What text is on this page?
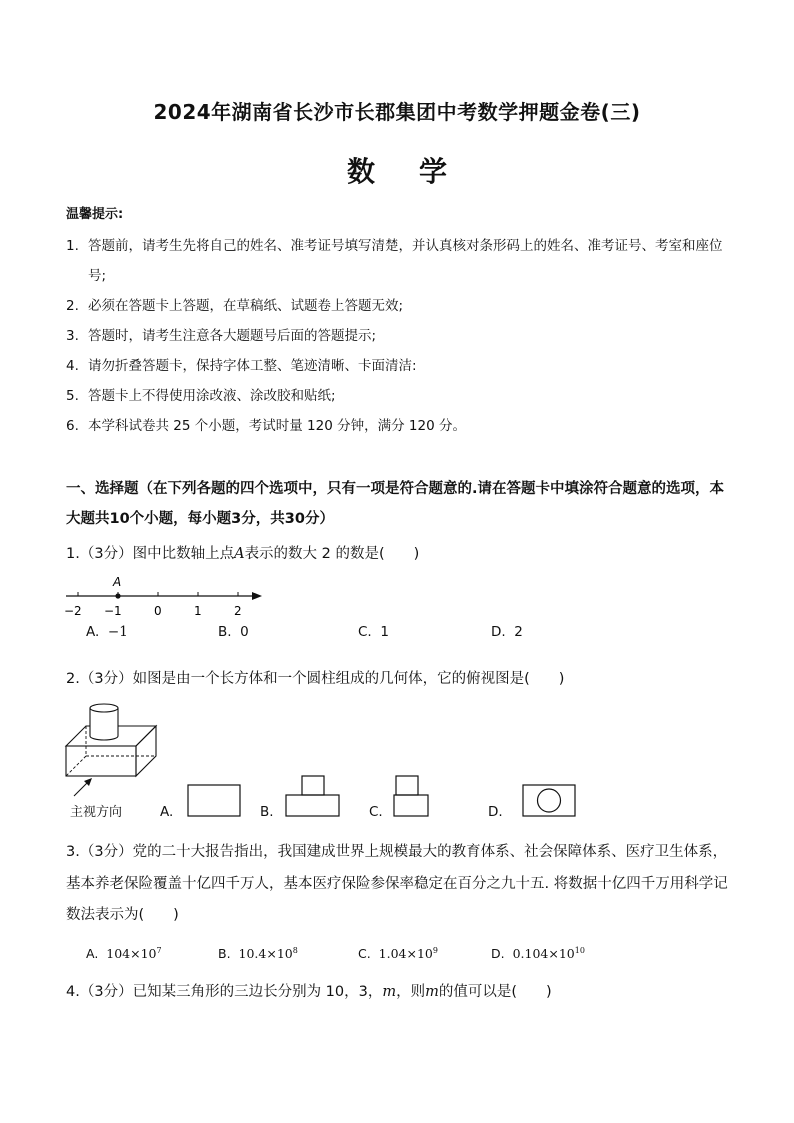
2024年湖南省长沙市长郡集团中考数学押题金卷(三)
数学
温馨提示:
1. 答题前，请考生先将自己的姓名、准考证号填写清楚，并认真核对条形码上的姓名、准考证号、考室和座位号;
2. 必须在答题卡上答题，在草稿纸、试题卷上答题无效;
3. 答题时，请考生注意各大题题号后面的答题提示;
4. 请勿折叠答题卡，保持字体工整、笔迹清晰、卡面清洁:
5. 答题卡上不得使用涂改液、涂改胶和贴纸;
6. 本学科试卷共 25 个小题，考试时量 120 分钟，满分 120 分。
一、选择题（在下列各题的四个选项中，只有一项是符合题意的.请在答题卡中填涂符合题意的选项，本大题共10个小题，每小题3分，共30分）
1.（3分）图中比数轴上点A表示的数大 2 的数是(　　)
A
−2 −1	0	1	2
A. −1	B. 0	C. 1	D. 2
2.（3分）如图是由一个长方体和一个圆柱组成的几何体，它的俯视图是(　　)
主视方向	A.	B.	C.	D.
3.（3分）党的二十大报告指出，我国建成世界上规模最大的教育体系、社会保障体系、医疗卫生体系，基本养老保险覆盖十亿四千万人，基本医疗保险参保率稳定在百分之九十五. 将数据十亿四千万用科学记数法表示为(　　)
A. $104\times 10^7$	B. $10.4\times 10^8$	C. $1.04\times 10^9$	D. $0.104\times 10^{10}$
4.（3分）已知某三角形的三边长分别为 10，3，m，则m的值可以是(　　)
